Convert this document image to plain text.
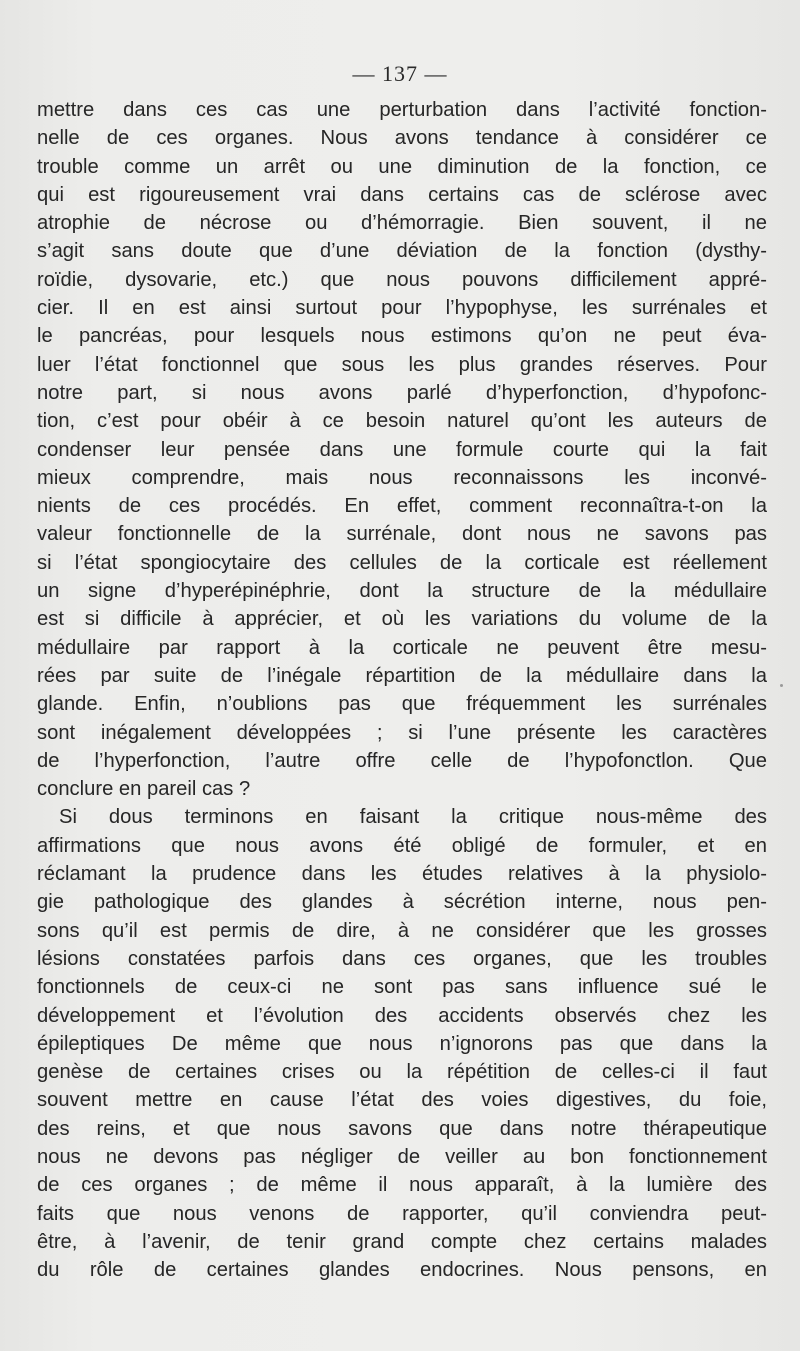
— 137 —
mettre dans ces cas une perturbation dans l’activité fonction-
nelle de ces organes. Nous avons tendance à considérer ce
trouble comme un arrêt ou une diminution de la fonction, ce
qui est rigoureusement vrai dans certains cas de sclérose avec
atrophie de nécrose ou d’hémorragie. Bien souvent, il ne
s’agit sans doute que d’une déviation de la fonction (dysthy-
roïdie, dysovarie, etc.) que nous pouvons difficilement appré-
cier. Il en est ainsi surtout pour l’hypophyse, les surrénales et
le pancréas, pour lesquels nous estimons qu’on ne peut éva-
luer l’état fonctionnel que sous les plus grandes réserves. Pour
notre part, si nous avons parlé d’hyperfonction, d’hypofonc-
tion, c’est pour obéir à ce besoin naturel qu’ont les auteurs de
condenser leur pensée dans une formule courte qui la fait
mieux comprendre, mais nous reconnaissons les inconvé-
nients de ces procédés. En effet, comment reconnaîtra-t-on la
valeur fonctionnelle de la surrénale, dont nous ne savons pas
si l’état spongiocytaire des cellules de la corticale est réellement
un signe d’hyperépinéphrie, dont la structure de la médullaire
est si difficile à apprécier, et où les variations du volume de la
médullaire par rapport à la corticale ne peuvent être mesu-
rées par suite de l’inégale répartition de la médullaire dans la
glande. Enfin, n’oublions pas que fréquemment les surrénales
sont inégalement développées ; si l’une présente les caractères
de l’hyperfonction, l’autre offre celle de l’hypofonctlon. Que
conclure en pareil cas ?
Si dous terminons en faisant la critique nous-même des
affirmations que nous avons été obligé de formuler, et en
réclamant la prudence dans les études relatives à la physiolo-
gie pathologique des glandes à sécrétion interne, nous pen-
sons qu’il est permis de dire, à ne considérer que les grosses
lésions constatées parfois dans ces organes, que les troubles
fonctionnels de ceux-ci ne sont pas sans influence sué le
développement et l’évolution des accidents observés chez les
épileptiques De même que nous n’ignorons pas que dans la
genèse de certaines crises ou la répétition de celles-ci il faut
souvent mettre en cause l’état des voies digestives, du foie,
des reins, et que nous savons que dans notre thérapeutique
nous ne devons pas négliger de veiller au bon fonctionnement
de ces organes ; de même il nous apparaît, à la lumière des
faits que nous venons de rapporter, qu’il conviendra peut-
être, à l’avenir, de tenir grand compte chez certains malades
du rôle de certaines glandes endocrines. Nous pensons, en
